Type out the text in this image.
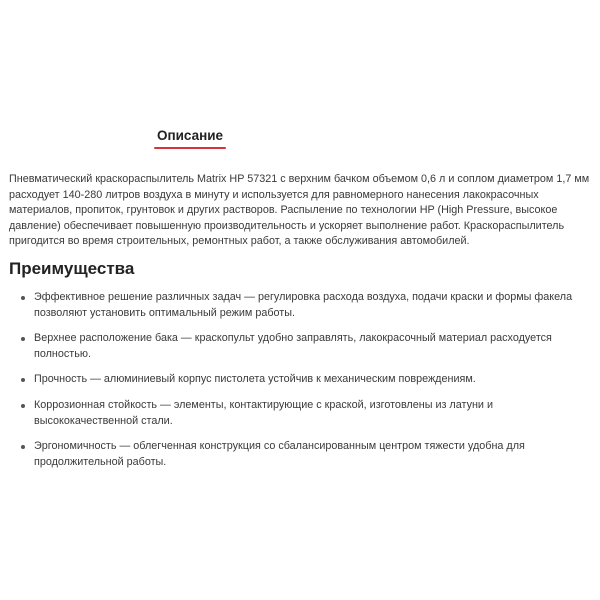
Описание

Пневматический краскораспылитель Matrix HP 57321 с верхним бачком объемом 0,6 л и соплом диаметром 1,7 мм расходует 140-280 литров воздуха в минуту и используется для равномерного нанесения лакокрасочных материалов, пропиток, грунтовок и других растворов. Распыление по технологии HP (High Pressure, высокое давление) обеспечивает повышенную производительность и ускоряет выполнение работ. Краскораспылитель пригодится во время строительных, ремонтных работ, а также обслуживания автомобилей.

Преимущества
Эффективное решение различных задач — регулировка расхода воздуха, подачи краски и формы факела позволяют установить оптимальный режим работы.
Верхнее расположение бака — краскопульт удобно заправлять, лакокрасочный материал расходуется полностью.
Прочность — алюминиевый корпус пистолета устойчив к механическим повреждениям.
Коррозионная стойкость — элементы, контактирующие с краской, изготовлены из латуни и высококачественной стали.
Эргономичность — облегченная конструкция со сбалансированным центром тяжести удобна для продолжительной работы.
